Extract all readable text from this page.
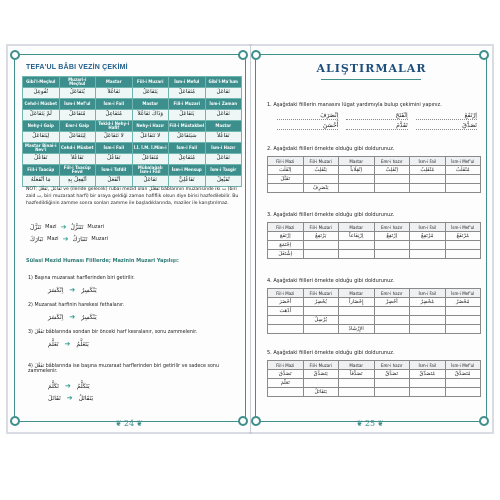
TEFA'UL BÂBI VEZİN ÇEKİMİ
Gibi'l-Meçhul	Muzari-i Meçhul	Mastar	Fiil-i Muzari	İsm-i Meful	Gibi'l-Ma'lum
تُفُوعِلَ	يُتَفَاعَلُ	تَفَاعُلاً	يَتَفَاعَلُ	مُتَفَاعَلٌ	تَفَاعَلَ
Cehd-i Müsbet	İsm-i Mef'ul	İsm-i Fail	Mastar	Fiil-i Muzari	İsm-i Zaman
لَمْ يَتَفَاعَلْ	مُتَفَاعَلٌ	مُتَفَاعِلٌ	وَذَاكَ تَفَاعُلاً	يَتَفَاعَلُ	تَفَاعَلَ
Nehy-i Gaip	Emr-i Gaip	Tekid-i Nehy-i Hafif	Nehy-i Hazır	Fiil-i Müstakbel	Mastar
لِيَتَفَاعَلْ	لِيَتَفَاعَلْ	لا تَتَفَاعَلْ	لا تَتَفَاعَلْ	سَيَتَفَاعَلُ	تَفَاعُلاً
Mastar Binai-i Nev'i	Cehd-i Müsbet	İsm-i Fail	İ.İ. İ.M. İ.Mim-i	İsm-i Fail	İsm-i Hazır
تَفَاعُلٌ	تَفَاعُلاً	تَفَاعُلٌ	مُتَفَاعَلٌ	مُتَفَاعِلٌ	تَفَاعَلْ
Fiil-i Taacüp	Fiil-i Taacüp Fevd	İsm-i Tafdil	Mübalağalı İsm-i Fail	İsm-i Mensup	İsm-i Tasgir
مَا أَتْفَعَلَهُ	أَتْفِعِلْ بِهِ	أَتْفَعَلُ	تَفَاعَلٌ	تَفَاعُلِيٌّ	تُفَيْعِلٌ
NOT: تَفَاعَلَ ,تَفَعَّلَ ve (ileride gelecek) rubai mezid olan تَفَعْلَلَ bâblarının muzarisinde iki ت (biri zaid ت, biri muzaraat harfi) bir araya geldiği zaman hafiflik olsun diye birisi hazfedilebilir. Bu hazfedildiğinin zamme sonra sonları zamme ile başladıklarında, maziler ile karıştırılmaz.
تَنَزَّلَ Mazi ➔ تَتَنَزَّلُ Muzari
تَبَارَكَ Mazi ➔ تَتَبَارَكُ Muzari
Sülasi Mezid Huması Fiillerde; Mazinin Muzari Yapılışı:
1) Başına muzaraat harflerinden biri getirilir.
اِنْكَسَرَ ➔ يَنْكَسِرُ
2) Muzaraat harfinin harekesi fethalanır.
اِنْكَسَرَ ➔ يَنْكَسِرُ
3) تَفَعَّلَ bâblarında sondan bir önceki harf kesralanır, sonu zammelenir.
تَعَلَّمَ ➔ يَتَعَلَّمُ
4) تَفَعَّلَ bâblarında ise başına muzaraat harflerinden biri getirilir ve sadece sonu zammelenir.
تَكَلَّمَ ➔ يَتَكَلَّمُ
تَقَاتَلَ ➔ يَتَقَاتَلُ
❦ 24 ❦
ALIŞTIRMALAR
1. Aşağıdaki fiillerin manasını lügat yardımıyla bulup çekimini yapınız.
اِنْصَرَفَ	اِنْفَتَحَ	اِرْتَفَعَ
أَحْسَنَ	تَقَدَّمَ	تَصَدَّقَ
2. Aşağıdaki fiilleri örnekte olduğu gibi doldurunuz.
Fiil-i Mazi	Fiil-i Muzari	Mastar	Emr-i hazır	İsm-i Fail	İsm-i Mef'ul
اِنْقَلَبَ	يَنْقَلِبُ	اِنْقِلَاباً	اِنْقَلِبْ	مُنْقَلِبٌ	مُنْقَلَبٌ
تَقَبَّلَ					
	يَنْصَرِفُ				
3. Aşağıdaki fiilleri örnekte olduğu gibi doldurunuz.
Fiil-i Mazi	Fiil-i Muzari	Mastar	Emr-i hazır	İsm-i Fail	İsm-i Mef'ul
اِرْتَفَعَ	يَرْتَفِعُ	اِرْتِفَاعاً	اِرْتَفِعْ	مُرْتَفِعٌ	مُرْتَفَعٌ
اِجْتَمَعَ					
اِشْتَغَلَ					
4. Aşağıdaki fiilleri örnekte olduğu gibi doldurunuz.
Fiil-i Mazi	Fiil-i Muzari	Mastar	Emr-i hazır	İsm-i Fail	İsm-i Mef'ul
أَحْضَرَ	يُحْضِرُ	إِحْضَاراً	أَحْضِرْ	مُحْضِرٌ	مُحْضَرٌ
أَدْهَبَ					
	يُرْسِلُ				
		الإِرْشَادُ			
5. Aşağıdaki fiilleri örnekte olduğu gibi doldurunuz.
Fiil-i Mazi	Fiil-i Muzari	Mastar	Emr-i hazır	İsm-i Fail	İsm-i Mef'ul
تَصَدَّقَ	يَتَصَدَّقُ	تَصَدُّقاً	تَصَدَّقْ	مُتَصَدِّقٌ	مُتَصَدَّقٌ
تَعَلَّمَ					
	يَتَقَاتَلُ				
❦ 25 ❦
